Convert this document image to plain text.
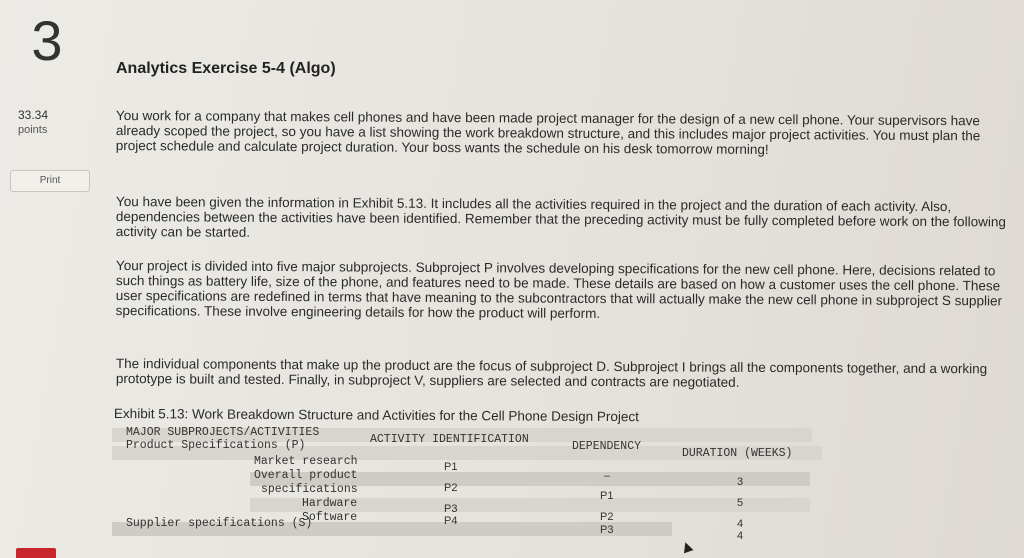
3
33.34
points
Print
Analytics Exercise 5-4 (Algo)
You work for a company that makes cell phones and have been made project manager for the design of a new cell phone. Your supervisors have already scoped the project, so you have a list showing the work breakdown structure, and this includes major project activities. You must plan the project schedule and calculate project duration. Your boss wants the schedule on his desk tomorrow morning!
You have been given the information in Exhibit 5.13. It includes all the activities required in the project and the duration of each activity. Also, dependencies between the activities have been identified. Remember that the preceding activity must be fully completed before work on the following activity can be started.
Your project is divided into five major subprojects. Subproject P involves developing specifications for the new cell phone. Here, decisions related to such things as battery life, size of the phone, and features need to be made. These details are based on how a customer uses the cell phone. These user specifications are redefined in terms that have meaning to the subcontractors that will actually make the new cell phone in subproject S supplier specifications. These involve engineering details for how the product will perform.
The individual components that make up the product are the focus of subproject D. Subproject I brings all the components together, and a working prototype is built and tested. Finally, in subproject V, suppliers are selected and contracts are negotiated.
Exhibit 5.13: Work Breakdown Structure and Activities for the Cell Phone Design Project
MAJOR SUBPROJECTS/ACTIVITIES
ACTIVITY IDENTIFICATION
DEPENDENCY
DURATION (WEEKS)
Product Specifications (P)
Market research
Overall product
specifications
Hardware
Software
P1
P2
P3
P4
–
P1
P2
P3
3
5
4
4
Supplier specifications (S)
